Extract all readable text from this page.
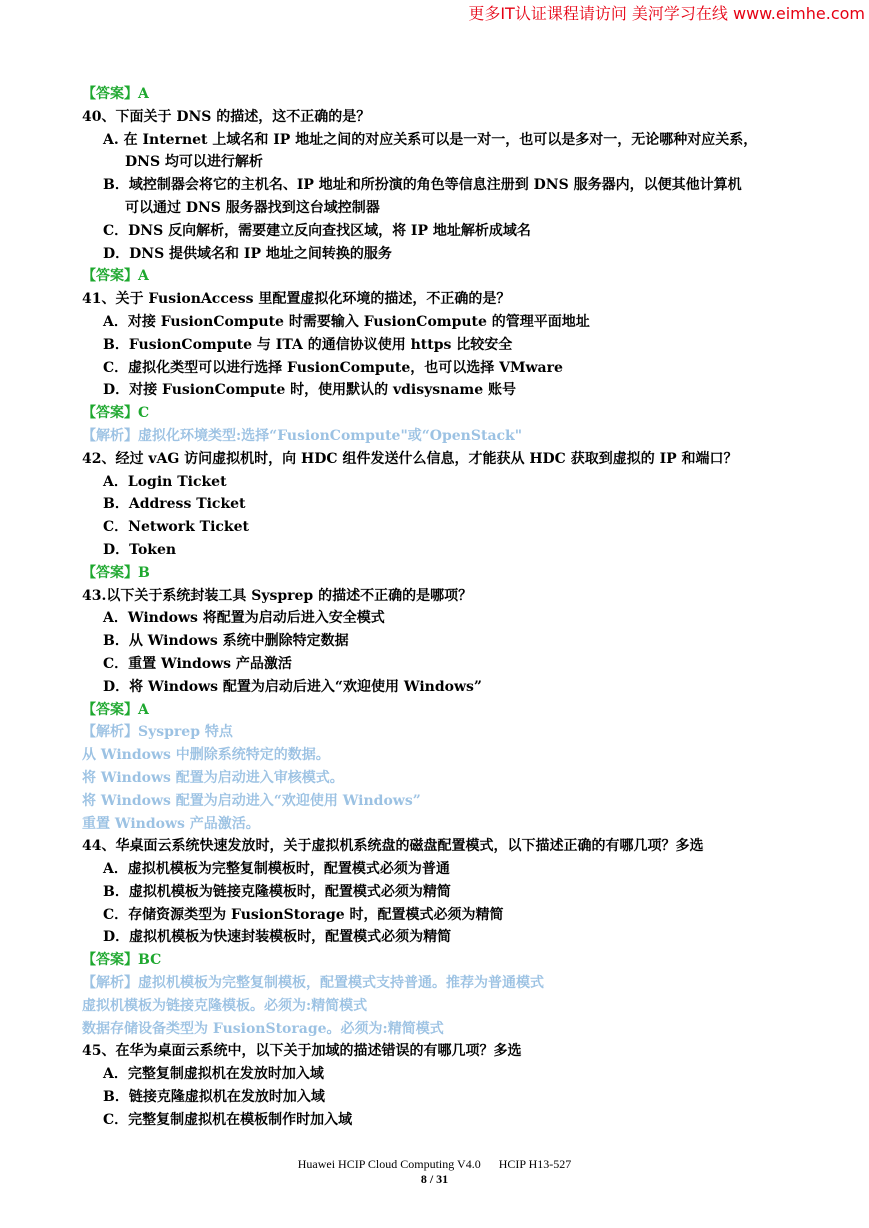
更多IT认证课程请访问 美河学习在线 www.eimhe.com
【答案】A
40、下面关于 DNS 的描述，这不正确的是？
A. 在 Internet 上域名和 IP 地址之间的对应关系可以是一对一，也可以是多对一，无论哪种对应关系，
DNS 均可以进行解析
B．域控制器会将它的主机名、IP 地址和所扮演的角色等信息注册到 DNS 服务器内，以便其他计算机
可以通过 DNS 服务器找到这台域控制器
C．DNS 反向解析，需要建立反向查找区域，将 IP 地址解析成域名
D．DNS 提供域名和 IP 地址之间转换的服务
【答案】A
41、关于 FusionAccess 里配置虚拟化环境的描述，不正确的是？
A．对接 FusionCompute 时需要输入 FusionCompute 的管理平面地址
B．FusionCompute 与 ITA 的通信协议使用 https 比较安全
C．虚拟化类型可以进行选择 FusionCompute，也可以选择 VMware
D．对接 FusionCompute 时，使用默认的 vdisysname 账号
【答案】C
【解析】虚拟化环境类型:选择“FusionCompute"或“OpenStack"
42、经过 vAG 访问虚拟机时，向 HDC 组件发送什么信息，才能获从 HDC 获取到虚拟的 IP 和端口？
A．Login Ticket
B．Address Ticket
C．Network Ticket
D．Token
【答案】B
43.以下关于系统封装工具 Sysprep 的描述不正确的是哪项？
A．Windows 将配置为启动后进入安全模式
B．从 Windows 系统中删除特定数据
C．重置 Windows 产品激活
D．将 Windows 配置为启动后进入“欢迎使用 Windows”
【答案】A
【解析】Sysprep 特点
从 Windows 中删除系统特定的数据。
将 Windows 配置为启动进入审核模式。
将 Windows 配置为启动进入“欢迎使用 Windows”
重置 Windows 产品激活。
44、华桌面云系统快速发放时，关于虚拟机系统盘的磁盘配置模式，以下描述正确的有哪几项？多选
A．虚拟机模板为完整复制模板时，配置模式必须为普通
B．虚拟机模板为链接克隆模板时，配置模式必须为精简
C．存储资源类型为 FusionStorage 时，配置模式必须为精简
D．虚拟机模板为快速封装模板时，配置模式必须为精简
【答案】BC
【解析】虚拟机模板为完整复制模板，配置模式支持普通。推荐为普通模式
虚拟机模板为链接克隆模板。必须为:精简模式
数据存储设备类型为 FusionStorage。必须为:精简模式
45、在华为桌面云系统中，以下关于加域的描述错误的有哪几项？多选
A．完整复制虚拟机在发放时加入域
B．链接克隆虚拟机在发放时加入域
C．完整复制虚拟机在模板制作时加入域
Huawei HCIP Cloud Computing V4.0 HCIP H13-527
8 / 31
